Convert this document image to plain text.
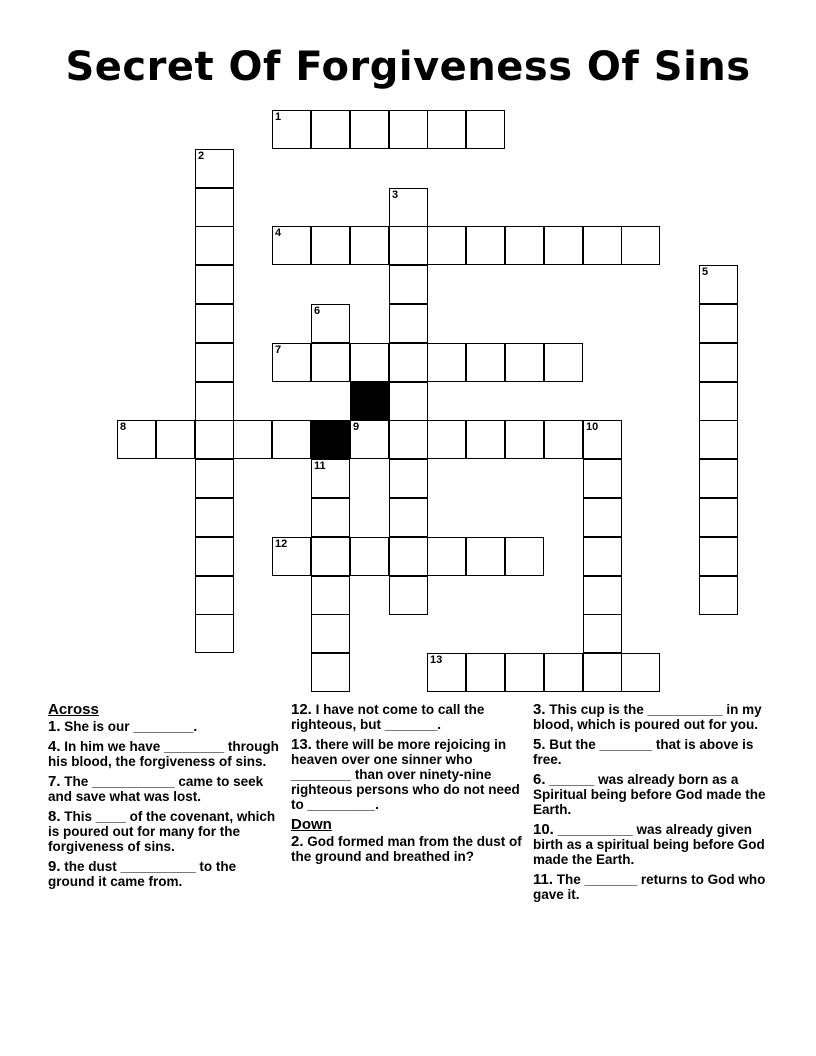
Secret Of Forgiveness Of Sins
1
4
7
8	9	10
12
13
2
3
5
6
11
Across
1. She is our ________.
4. In him we have ________ through his blood, the forgiveness of sins.
7. The ___________ came to seek and save what was lost.
8. This ____ of the covenant, which is poured out for many for the forgiveness of sins.
9. the dust __________ to the ground it came from.
12. I have not come to call the righteous, but _______.
13. there will be more rejoicing in heaven over one sinner who ________ than over ninety-nine righteous persons who do not need to _________.
Down
2. God formed man from the dust of the ground and breathed in?
3. This cup is the __________ in my blood, which is poured out for you.
5. But the _______ that is above is free.
6. ______ was already born as a Spiritual being before God made the Earth.
10. __________ was already given birth as a spiritual being before God made the Earth.
11. The _______ returns to God who gave it.
